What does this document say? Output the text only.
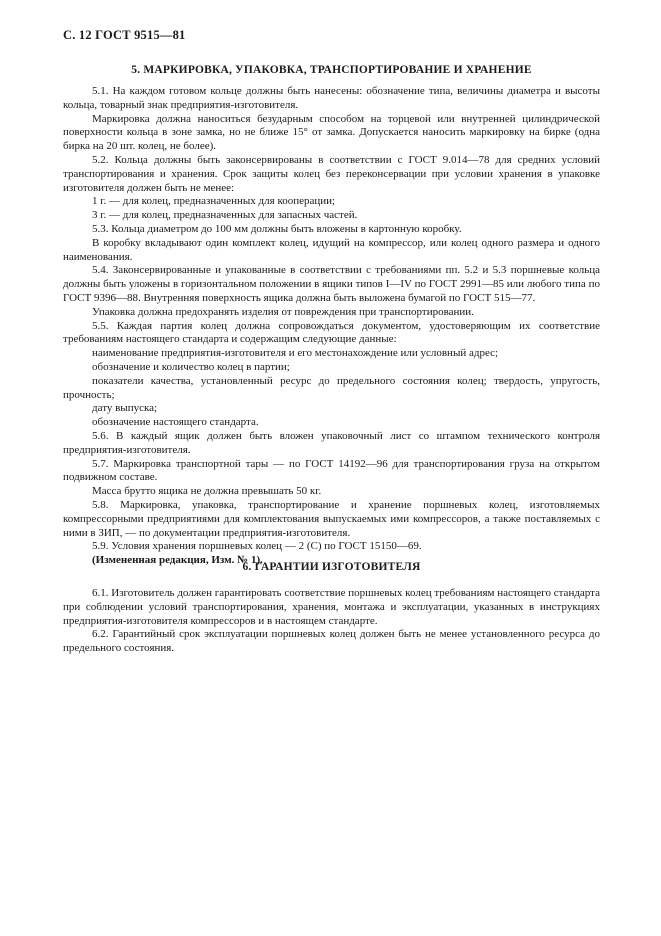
С. 12 ГОСТ 9515—81
5. МАРКИРОВКА, УПАКОВКА, ТРАНСПОРТИРОВАНИЕ И ХРАНЕНИЕ

5.1. На каждом готовом кольце должны быть нанесены: обозначение типа, величины диаметра и высоты кольца, товарный знак предприятия-изготовителя.

Маркировка должна наноситься безударным способом на торцевой или внутренней цилиндрической поверхности кольца в зоне замка, но не ближе 15° от замка. Допускается наносить маркировку на бирке (одна бирка на 20 шт. колец, не более).

5.2. Кольца должны быть законсервированы в соответствии с ГОСТ 9.014—78 для средних условий транспортирования и хранения. Срок защиты колец без переконсервации при условии хранения в упаковке изготовителя должен быть не менее:

1 г. — для колец, предназначенных для кооперации;

3 г. — для колец, предназначенных для запасных частей.

5.3. Кольца диаметром до 100 мм должны быть вложены в картонную коробку.

В коробку вкладывают один комплект колец, идущий на компрессор, или колец одного размера и одного наименования.

5.4. Законсервированные и упакованные в соответствии с требованиями пп. 5.2 и 5.3 поршневые кольца должны быть уложены в горизонтальном положении в ящики типов I—IV по ГОСТ 2991—85 или любого типа по ГОСТ 9396—88. Внутренняя поверхность ящика должна быть выложена бумагой по ГОСТ 515—77.

Упаковка должна предохранять изделия от повреждения при транспортировании.

5.5. Каждая партия колец должна сопровождаться документом, удостоверяющим их соответствие требованиям настоящего стандарта и содержащим следующие данные:

наименование предприятия-изготовителя и его местонахождение или условный адрес;

обозначение и количество колец в партии;

показатели качества, установленный ресурс до предельного состояния колец; твердость, упругость, прочность;

дату выпуска;

обозначение настоящего стандарта.

5.6. В каждый ящик должен быть вложен упаковочный лист со штампом технического контроля предприятия-изготовителя.

5.7. Маркировка транспортной тары — по ГОСТ 14192—96 для транспортирования груза на открытом подвижном составе.

Масса брутто ящика не должна превышать 50 кг.

5.8. Маркировка, упаковка, транспортирование и хранение поршневых колец, изготовляемых компрессорными предприятиями для комплектования выпускаемых ими компрессоров, а также поставляемых с ними в ЗИП, — по документации предприятия-изготовителя.

5.9. Условия хранения поршневых колец — 2 (С) по ГОСТ 15150—69.

(Измененная редакция, Изм. № 1).

6. ГАРАНТИИ ИЗГОТОВИТЕЛЯ

6.1. Изготовитель должен гарантировать соответствие поршневых колец требованиям настоящего стандарта при соблюдении условий транспортирования, хранения, монтажа и эксплуатации, указанных в инструкциях предприятия-изготовителя компрессоров и в настоящем стандарте.

6.2. Гарантийный срок эксплуатации поршневых колец должен быть не менее установленного ресурса до предельного состояния.
